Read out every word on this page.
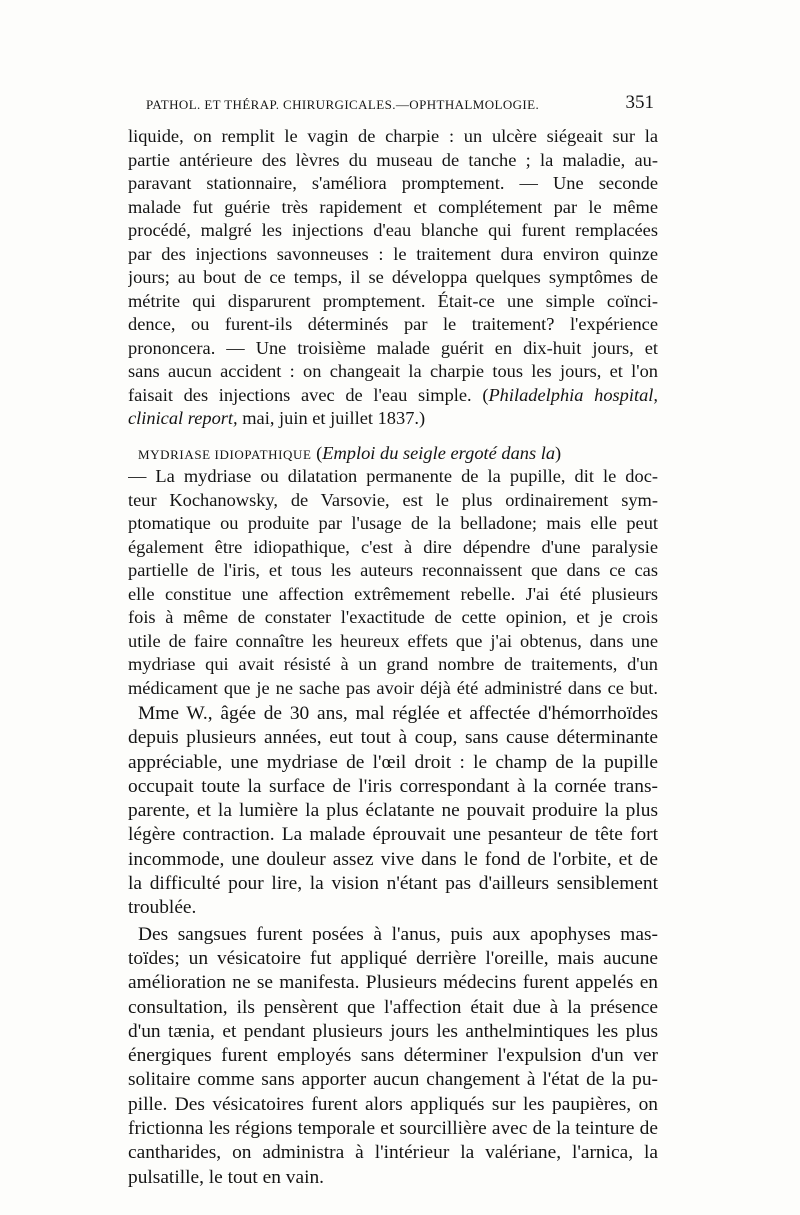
PATHOL. ET THÉRAP. CHIRURGICALES.—OPHTHALMOLOGIE.	351
liquide, on remplit le vagin de charpie : un ulcère siégeait sur la
partie antérieure des lèvres du museau de tanche ; la maladie, au-
paravant stationnaire, s'améliora promptement. — Une seconde
malade fut guérie très rapidement et complétement par le même
procédé, malgré les injections d'eau blanche qui furent remplacées
par des injections savonneuses : le traitement dura environ quinze
jours; au bout de ce temps, il se développa quelques symptômes de
métrite qui disparurent promptement. Était-ce une simple coïnci-
dence, ou furent-ils déterminés par le traitement? l'expérience
prononcera. — Une troisième malade guérit en dix-huit jours, et
sans aucun accident : on changeait la charpie tous les jours, et l'on
faisait des injections avec de l'eau simple. (Philadelphia hospital,
clinical report, mai, juin et juillet 1837.)
MYDRIASE IDIOPATHIQUE (Emploi du seigle ergoté dans la)
— La mydriase ou dilatation permanente de la pupille, dit le doc-
teur Kochanowsky, de Varsovie, est le plus ordinairement sym-
ptomatique ou produite par l'usage de la belladone; mais elle peut
également être idiopathique, c'est à dire dépendre d'une paralysie
partielle de l'iris, et tous les auteurs reconnaissent que dans ce cas
elle constitue une affection extrêmement rebelle. J'ai été plusieurs
fois à même de constater l'exactitude de cette opinion, et je crois
utile de faire connaître les heureux effets que j'ai obtenus, dans une
mydriase qui avait résisté à un grand nombre de traitements, d'un
médicament que je ne sache pas avoir déjà été administré dans ce but.
Mme W., âgée de 30 ans, mal réglée et affectée d'hémorrhoïdes
depuis plusieurs années, eut tout à coup, sans cause déterminante
appréciable, une mydriase de l'œil droit : le champ de la pupille
occupait toute la surface de l'iris correspondant à la cornée trans-
parente, et la lumière la plus éclatante ne pouvait produire la plus
légère contraction. La malade éprouvait une pesanteur de tête fort
incommode, une douleur assez vive dans le fond de l'orbite, et de
la difficulté pour lire, la vision n'étant pas d'ailleurs sensiblement
troublée.
Des sangsues furent posées à l'anus, puis aux apophyses mas-
toïdes; un vésicatoire fut appliqué derrière l'oreille, mais aucune
amélioration ne se manifesta. Plusieurs médecins furent appelés en
consultation, ils pensèrent que l'affection était due à la présence
d'un tænia, et pendant plusieurs jours les anthelmintiques les plus
énergiques furent employés sans déterminer l'expulsion d'un ver
solitaire comme sans apporter aucun changement à l'état de la pu-
pille. Des vésicatoires furent alors appliqués sur les paupières, on
frictionna les régions temporale et sourcillière avec de la teinture de
cantharides, on administra à l'intérieur la valériane, l'arnica, la
pulsatille, le tout en vain.
